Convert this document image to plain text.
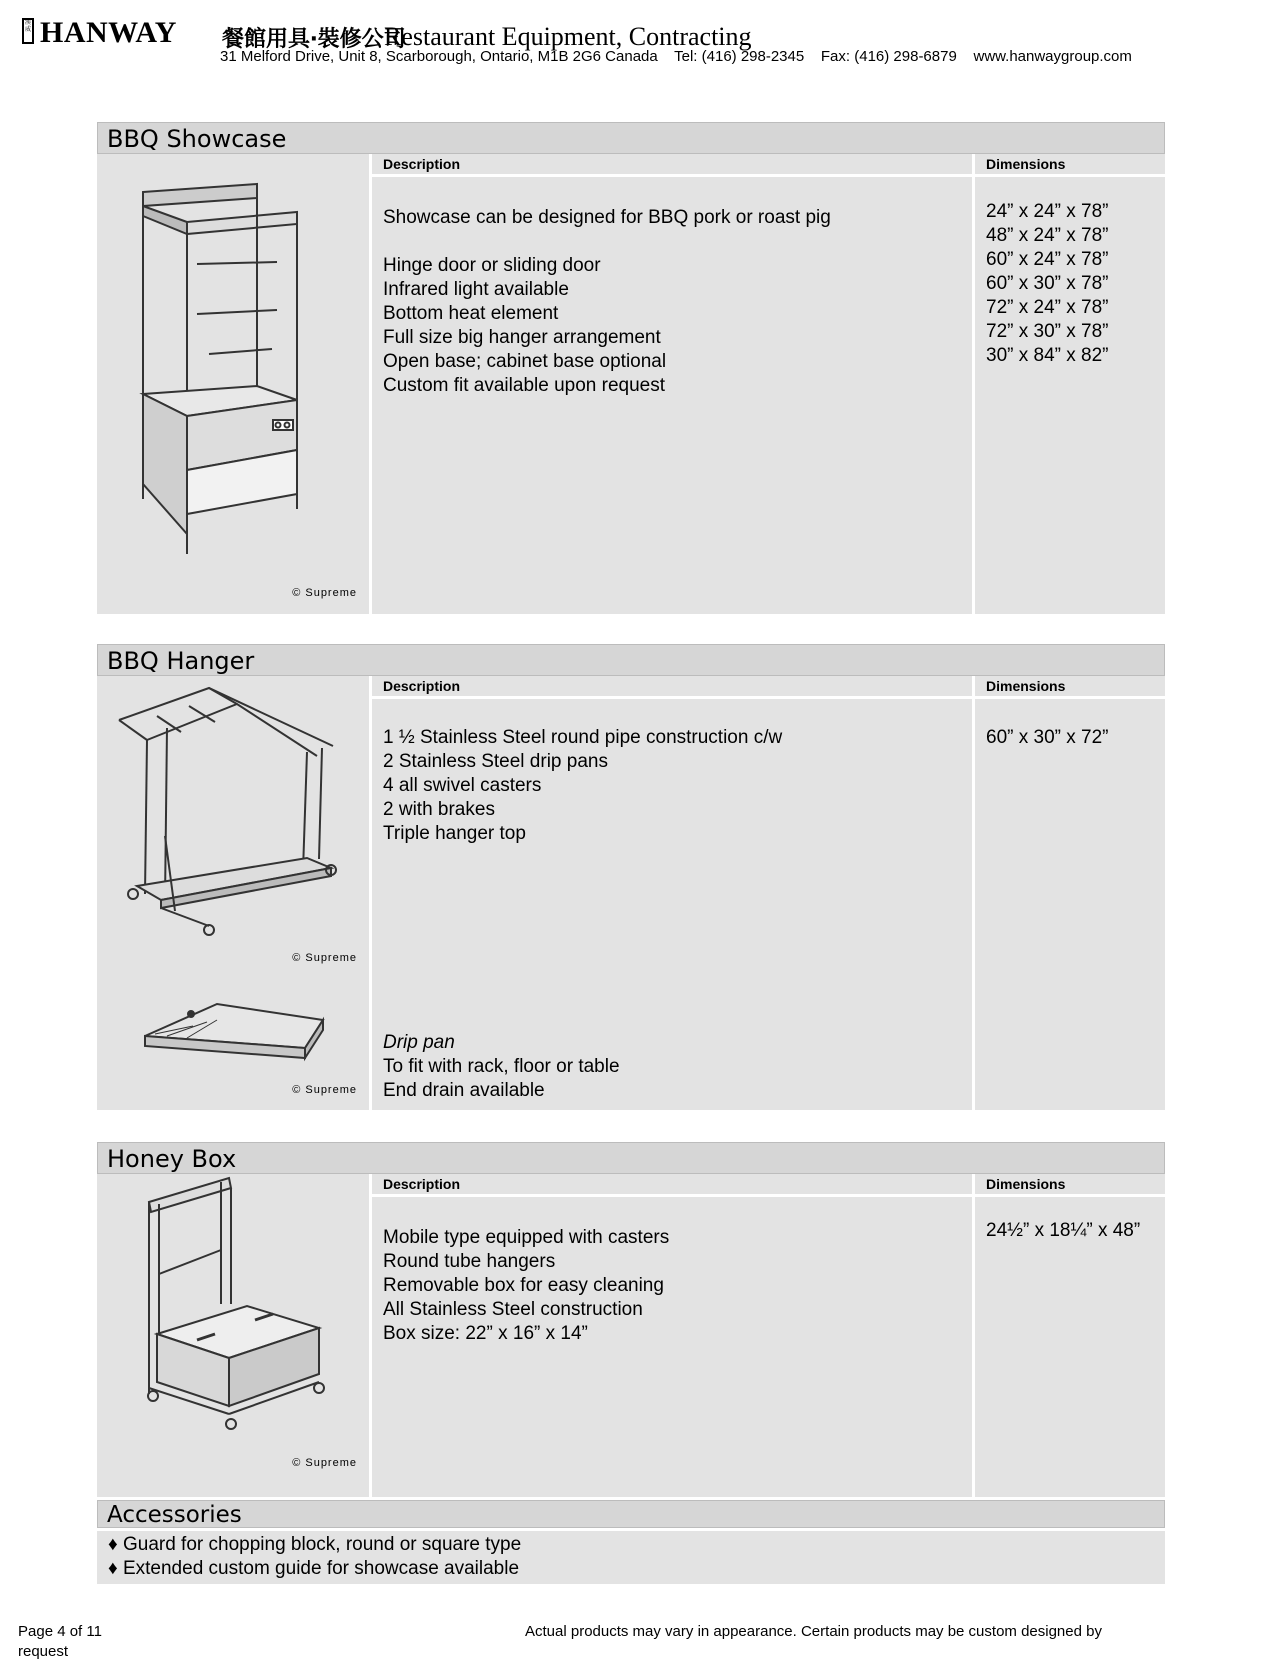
漢威 HANWAY 餐館用具‧裝修公司
Restaurant Equipment, Contracting
31 Melford Drive, Unit 8, Scarborough, Ontario, M1B 2G6 Canada Tel: (416) 298-2345 Fax: (416) 298-6879 www.hanwaygroup.com
BBQ Showcase
© Supreme
Description
Showcase can be designed for BBQ pork or roast pig
Hinge door or sliding door
Infrared light available
Bottom heat element
Full size big hanger arrangement
Open base; cabinet base optional
Custom fit available upon request
Dimensions
24” x 24” x 78”
48” x 24” x 78”
60” x 24” x 78”
60” x 30” x 78”
72” x 24” x 78”
72” x 30” x 78”
30” x 84” x 82”
BBQ Hanger
© Supreme
© Supreme
Description
1 ½ Stainless Steel round pipe construction c/w
2 Stainless Steel drip pans
4 all swivel casters
2 with brakes
Triple hanger top
Drip pan
To fit with rack, floor or table
End drain available
Dimensions
60” x 30” x 72”
Honey Box
© Supreme
Description
Mobile type equipped with casters
Round tube hangers
Removable box for easy cleaning
All Stainless Steel construction
Box size: 22” x 16” x 14”
Dimensions
24½” x 18¼” x 48”
Accessories
♦ Guard for chopping block, round or square type
♦ Extended custom guide for showcase available
Page 4 of 11
request
Actual products may vary in appearance. Certain products may be custom designed by
